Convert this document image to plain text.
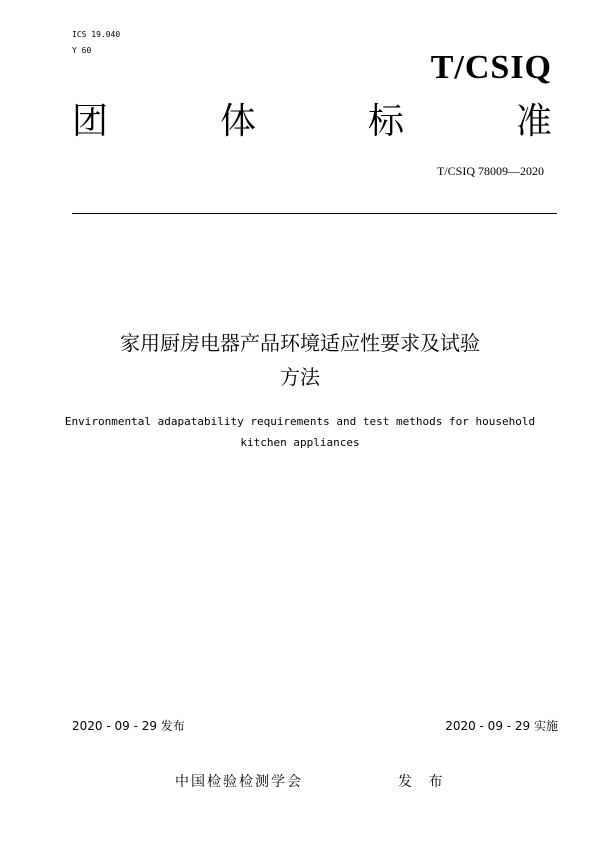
ICS 19.040
Y 60	T/CSIQ
团	体	标	准
T/CSIQ 78009—2020
家用厨房电器产品环境适应性要求及试验
方法
Environmental adapatability requirements and test methods for household
kitchen appliances
2020 - 09 - 29 发布	2020 - 09 - 29 实施
中国检验检测学会	发 布
